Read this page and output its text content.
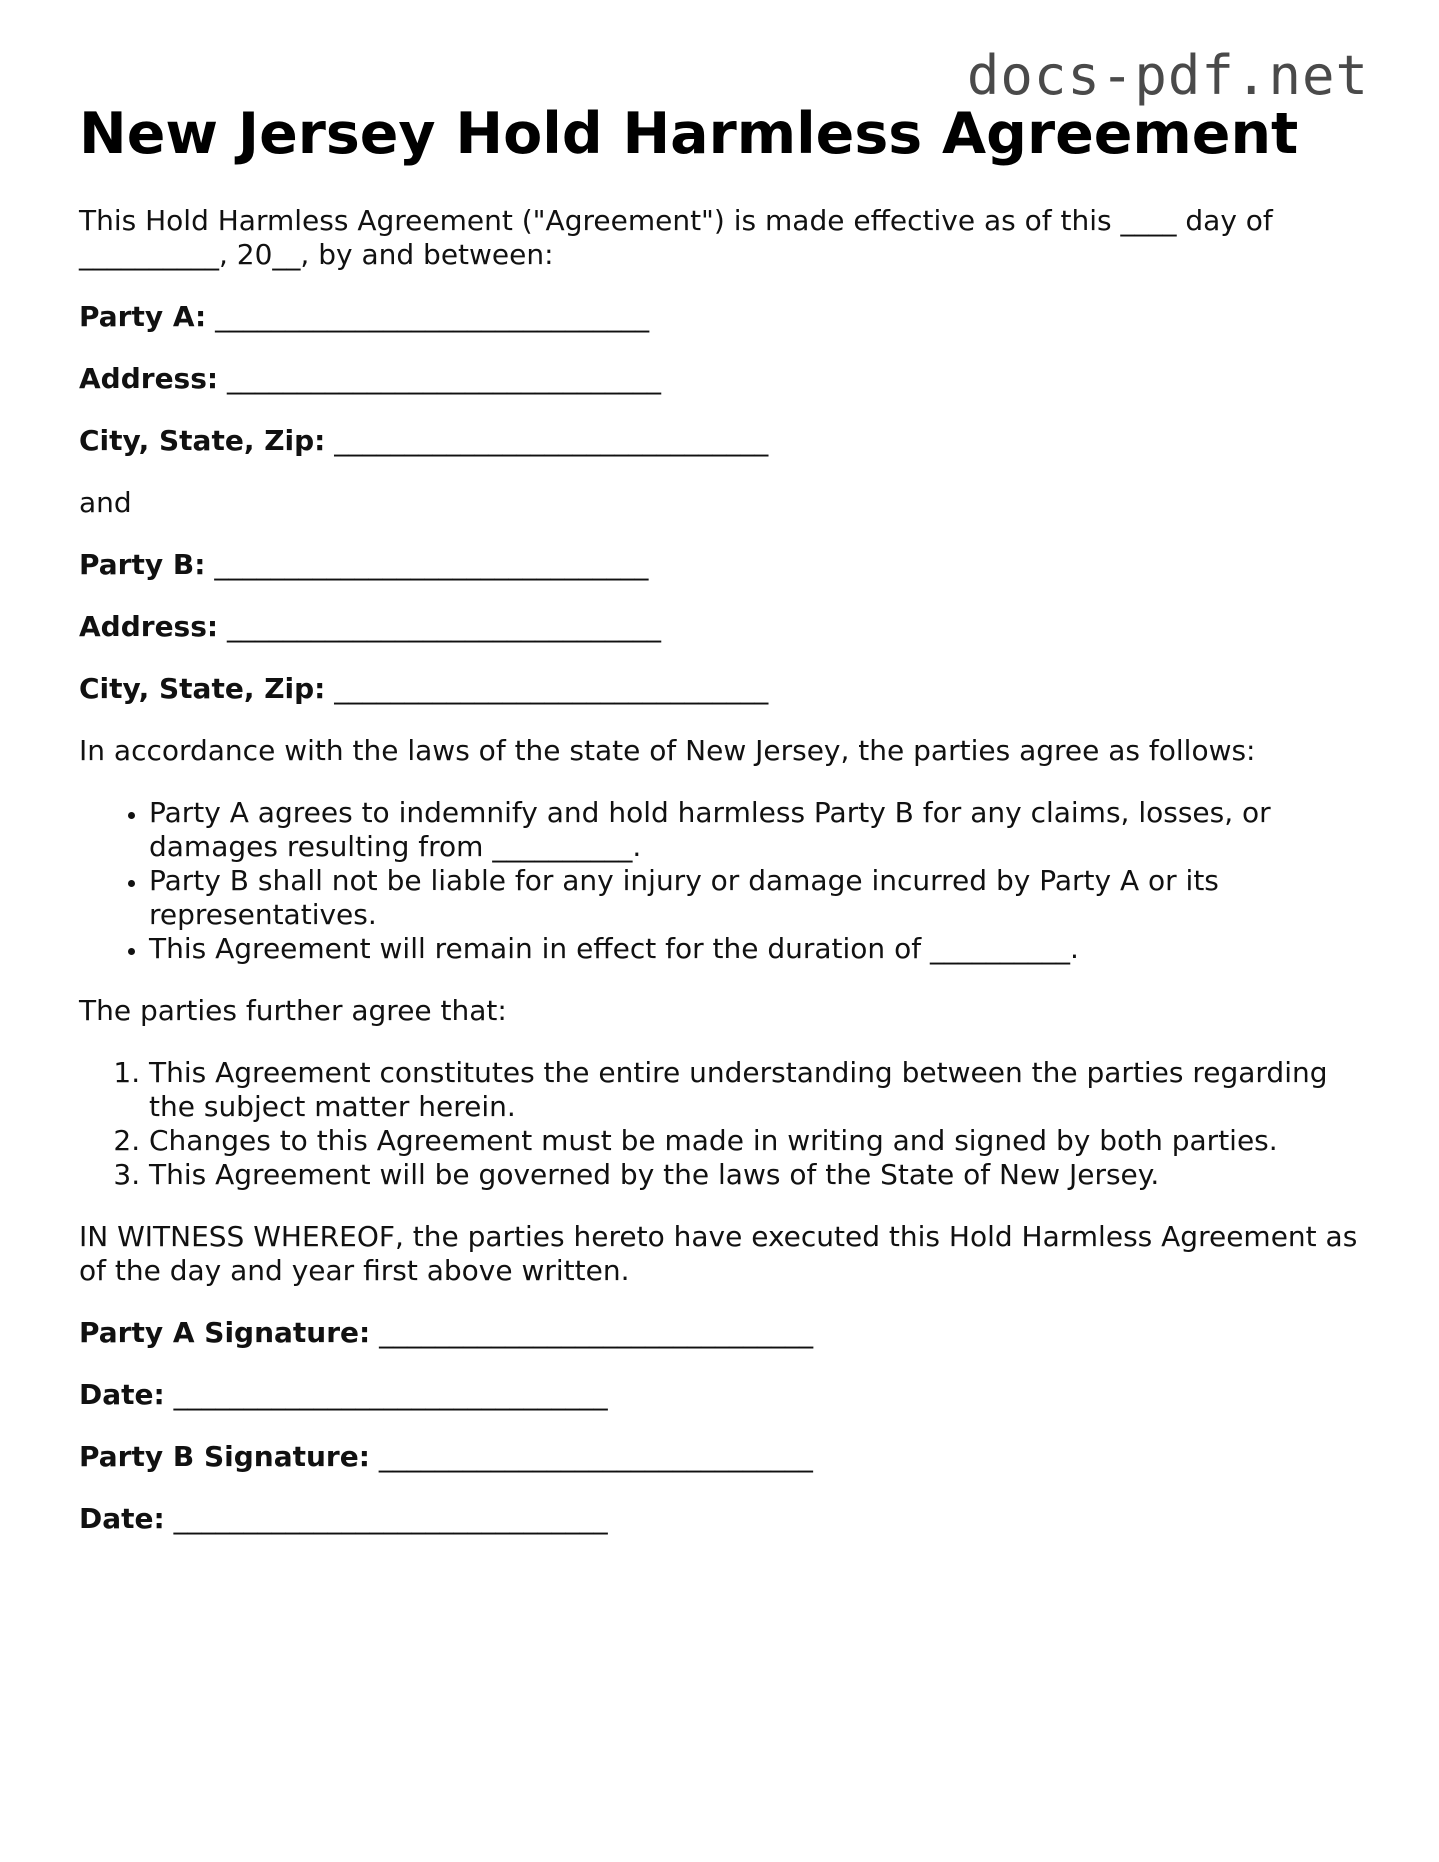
docs-pdf.net
New Jersey Hold Harmless Agreement

This Hold Harmless Agreement ("Agreement") is made effective as of this ____ day of __________, 20__, by and between:

Party A: _______________________________

Address: _______________________________

City, State, Zip: _______________________________

and

Party B: _______________________________

Address: _______________________________

City, State, Zip: _______________________________

In accordance with the laws of the state of New Jersey, the parties agree as follows:

• Party A agrees to indemnify and hold harmless Party B for any claims, losses, or damages resulting from __________.
• Party B shall not be liable for any injury or damage incurred by Party A or its representatives.
• This Agreement will remain in effect for the duration of __________.

The parties further agree that:

1. This Agreement constitutes the entire understanding between the parties regarding the subject matter herein.
2. Changes to this Agreement must be made in writing and signed by both parties.
3. This Agreement will be governed by the laws of the State of New Jersey.

IN WITNESS WHEREOF, the parties hereto have executed this Hold Harmless Agreement as of the day and year first above written.

Party A Signature: _______________________________

Date: _______________________________

Party B Signature: _______________________________

Date: _______________________________
